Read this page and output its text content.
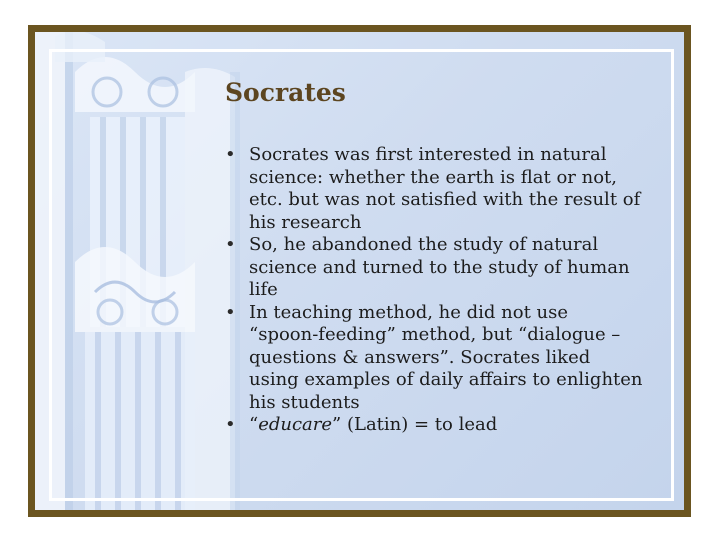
Socrates
• Socrates was first interested in natural science: whether the earth is flat or not, etc. but was not satisfied with the result of his research
• So, he abandoned the study of natural science and turned to the study of human life
• In teaching method, he did not use “spoon-feeding” method, but “dialogue – questions & answers”. Socrates liked using examples of daily affairs to enlighten his students
• “educare” (Latin) = to lead
